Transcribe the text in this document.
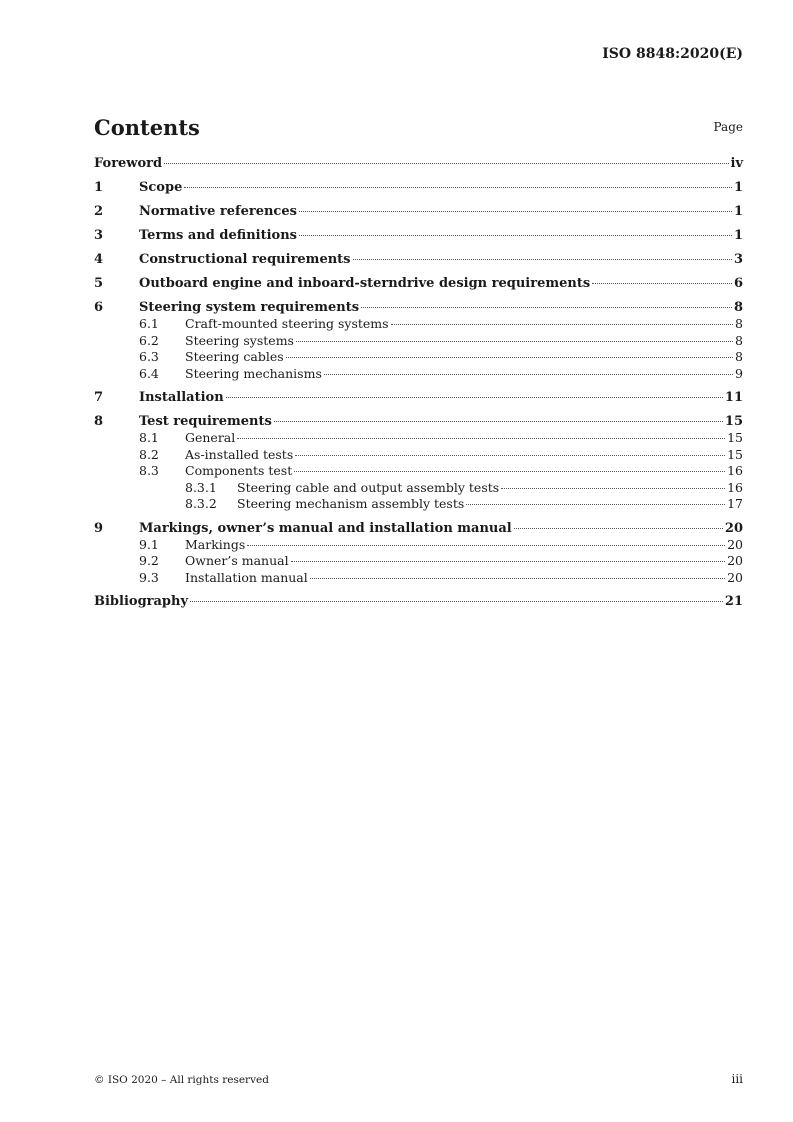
ISO 8848:2020(E)
Contents	Page
Foreword	iv
1	Scope	1
2	Normative references	1
3	Terms and definitions	1
4	Constructional requirements	3
5	Outboard engine and inboard-sterndrive design requirements	6
6	Steering system requirements	8
6.1 Craft-mounted steering systems	8
6.2 Steering systems	8
6.3 Steering cables	8
6.4 Steering mechanisms	9
7	Installation	11
8	Test requirements	15
8.1 General	15
8.2 As-installed tests	15
8.3 Components test	16
8.3.1 Steering cable and output assembly tests	16
8.3.2 Steering mechanism assembly tests	17
9	Markings, owner’s manual and installation manual	20
9.1 Markings	20
9.2 Owner’s manual	20
9.3 Installation manual	20
Bibliography	21
© ISO 2020 – All rights reserved	iii
